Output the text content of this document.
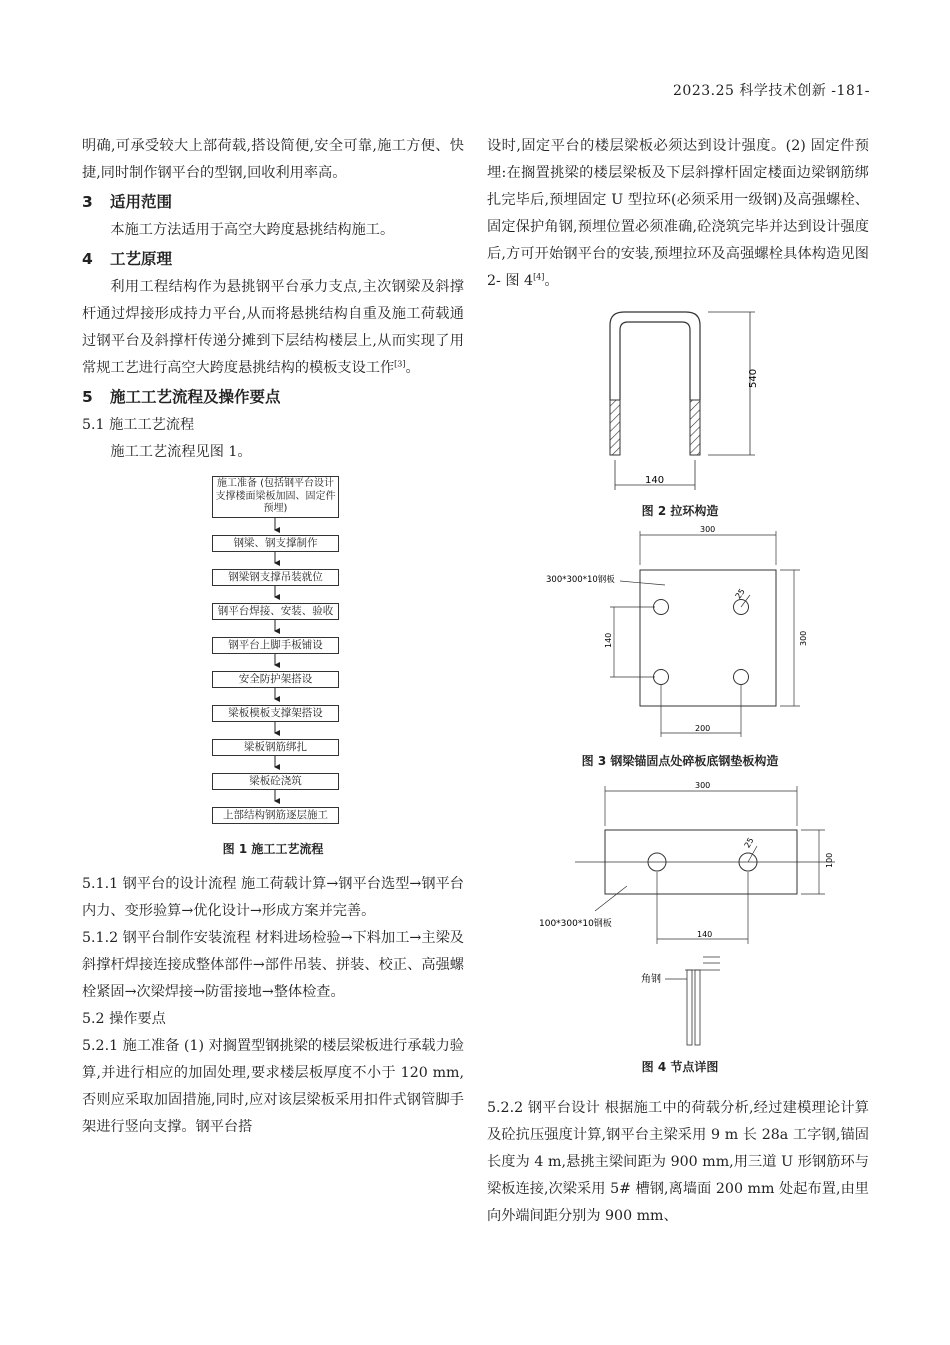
2023.25 科学技术创新 -181-

明确,可承受较大上部荷载,搭设简便,安全可靠,施工方便、快捷,同时制作钢平台的型钢,回收利用率高。

3 适用范围

本施工方法适用于高空大跨度悬挑结构施工。

4 工艺原理

利用工程结构作为悬挑钢平台承力支点,主次钢梁及斜撑杆通过焊接形成持力平台,从而将悬挑结构自重及施工荷载通过钢平台及斜撑杆传递分摊到下层结构楼层上,从而实现了用常规工艺进行高空大跨度悬挑结构的模板支设工作[3]。

5 施工工艺流程及操作要点

5.1 施工工艺流程

施工工艺流程见图 1。

施工准备 (包括钢平台设计支撑楼面梁板加固、固定件预埋)
钢梁、钢支撑制作
钢梁钢支撑吊装就位
钢平台焊接、安装、验收
钢平台上脚手板铺设
安全防护架搭设
梁板模板支撑架搭设
梁板钢筋绑扎
梁板砼浇筑
上部结构钢筋逐层施工
图 1 施工工艺流程

5.1.1 钢平台的设计流程 施工荷载计算→钢平台选型→钢平台内力、变形验算→优化设计→形成方案并完善。

5.1.2 钢平台制作安装流程 材料进场检验→下料加工→主梁及斜撑杆焊接连接成整体部件→部件吊装、拼装、校正、高强螺栓紧固→次梁焊接→防雷接地→整体检查。

5.2 操作要点

5.2.1 施工准备 (1) 对搁置型钢挑梁的楼层梁板进行承载力验算,并进行相应的加固处理,要求楼层板厚度不小于 120 mm,否则应采取加固措施,同时,应对该层梁板采用扣件式钢管脚手架进行竖向支撑。钢平台搭

设时,固定平台的楼层梁板必须达到设计强度。(2) 固定件预埋:在搁置挑梁的楼层梁板及下层斜撑杆固定楼面边梁钢筋绑扎完毕后,预埋固定 U 型拉环(必须采用一级钢)及高强螺栓、固定保护角钢,预埋位置必须准确,砼浇筑完毕并达到设计强度后,方可开始钢平台的安装,预埋拉环及高强螺栓具体构造见图 2- 图 4[4]。

540
140
图 2 拉环构造
300
25
300*300*10钢板
140	300
200
图 3 钢梁锚固点处碎板底钢垫板构造
300
25
100
100*300*10钢板
140
角钢
图 4 节点详图

5.2.2 钢平台设计 根据施工中的荷载分析,经过建模理论计算及砼抗压强度计算,钢平台主梁采用 9 m 长 28a 工字钢,锚固长度为 4 m,悬挑主梁间距为 900 mm,用三道 U 形钢筋环与梁板连接,次梁采用 5# 槽钢,离墙面 200 mm 处起布置,由里向外端间距分别为 900 mm、
